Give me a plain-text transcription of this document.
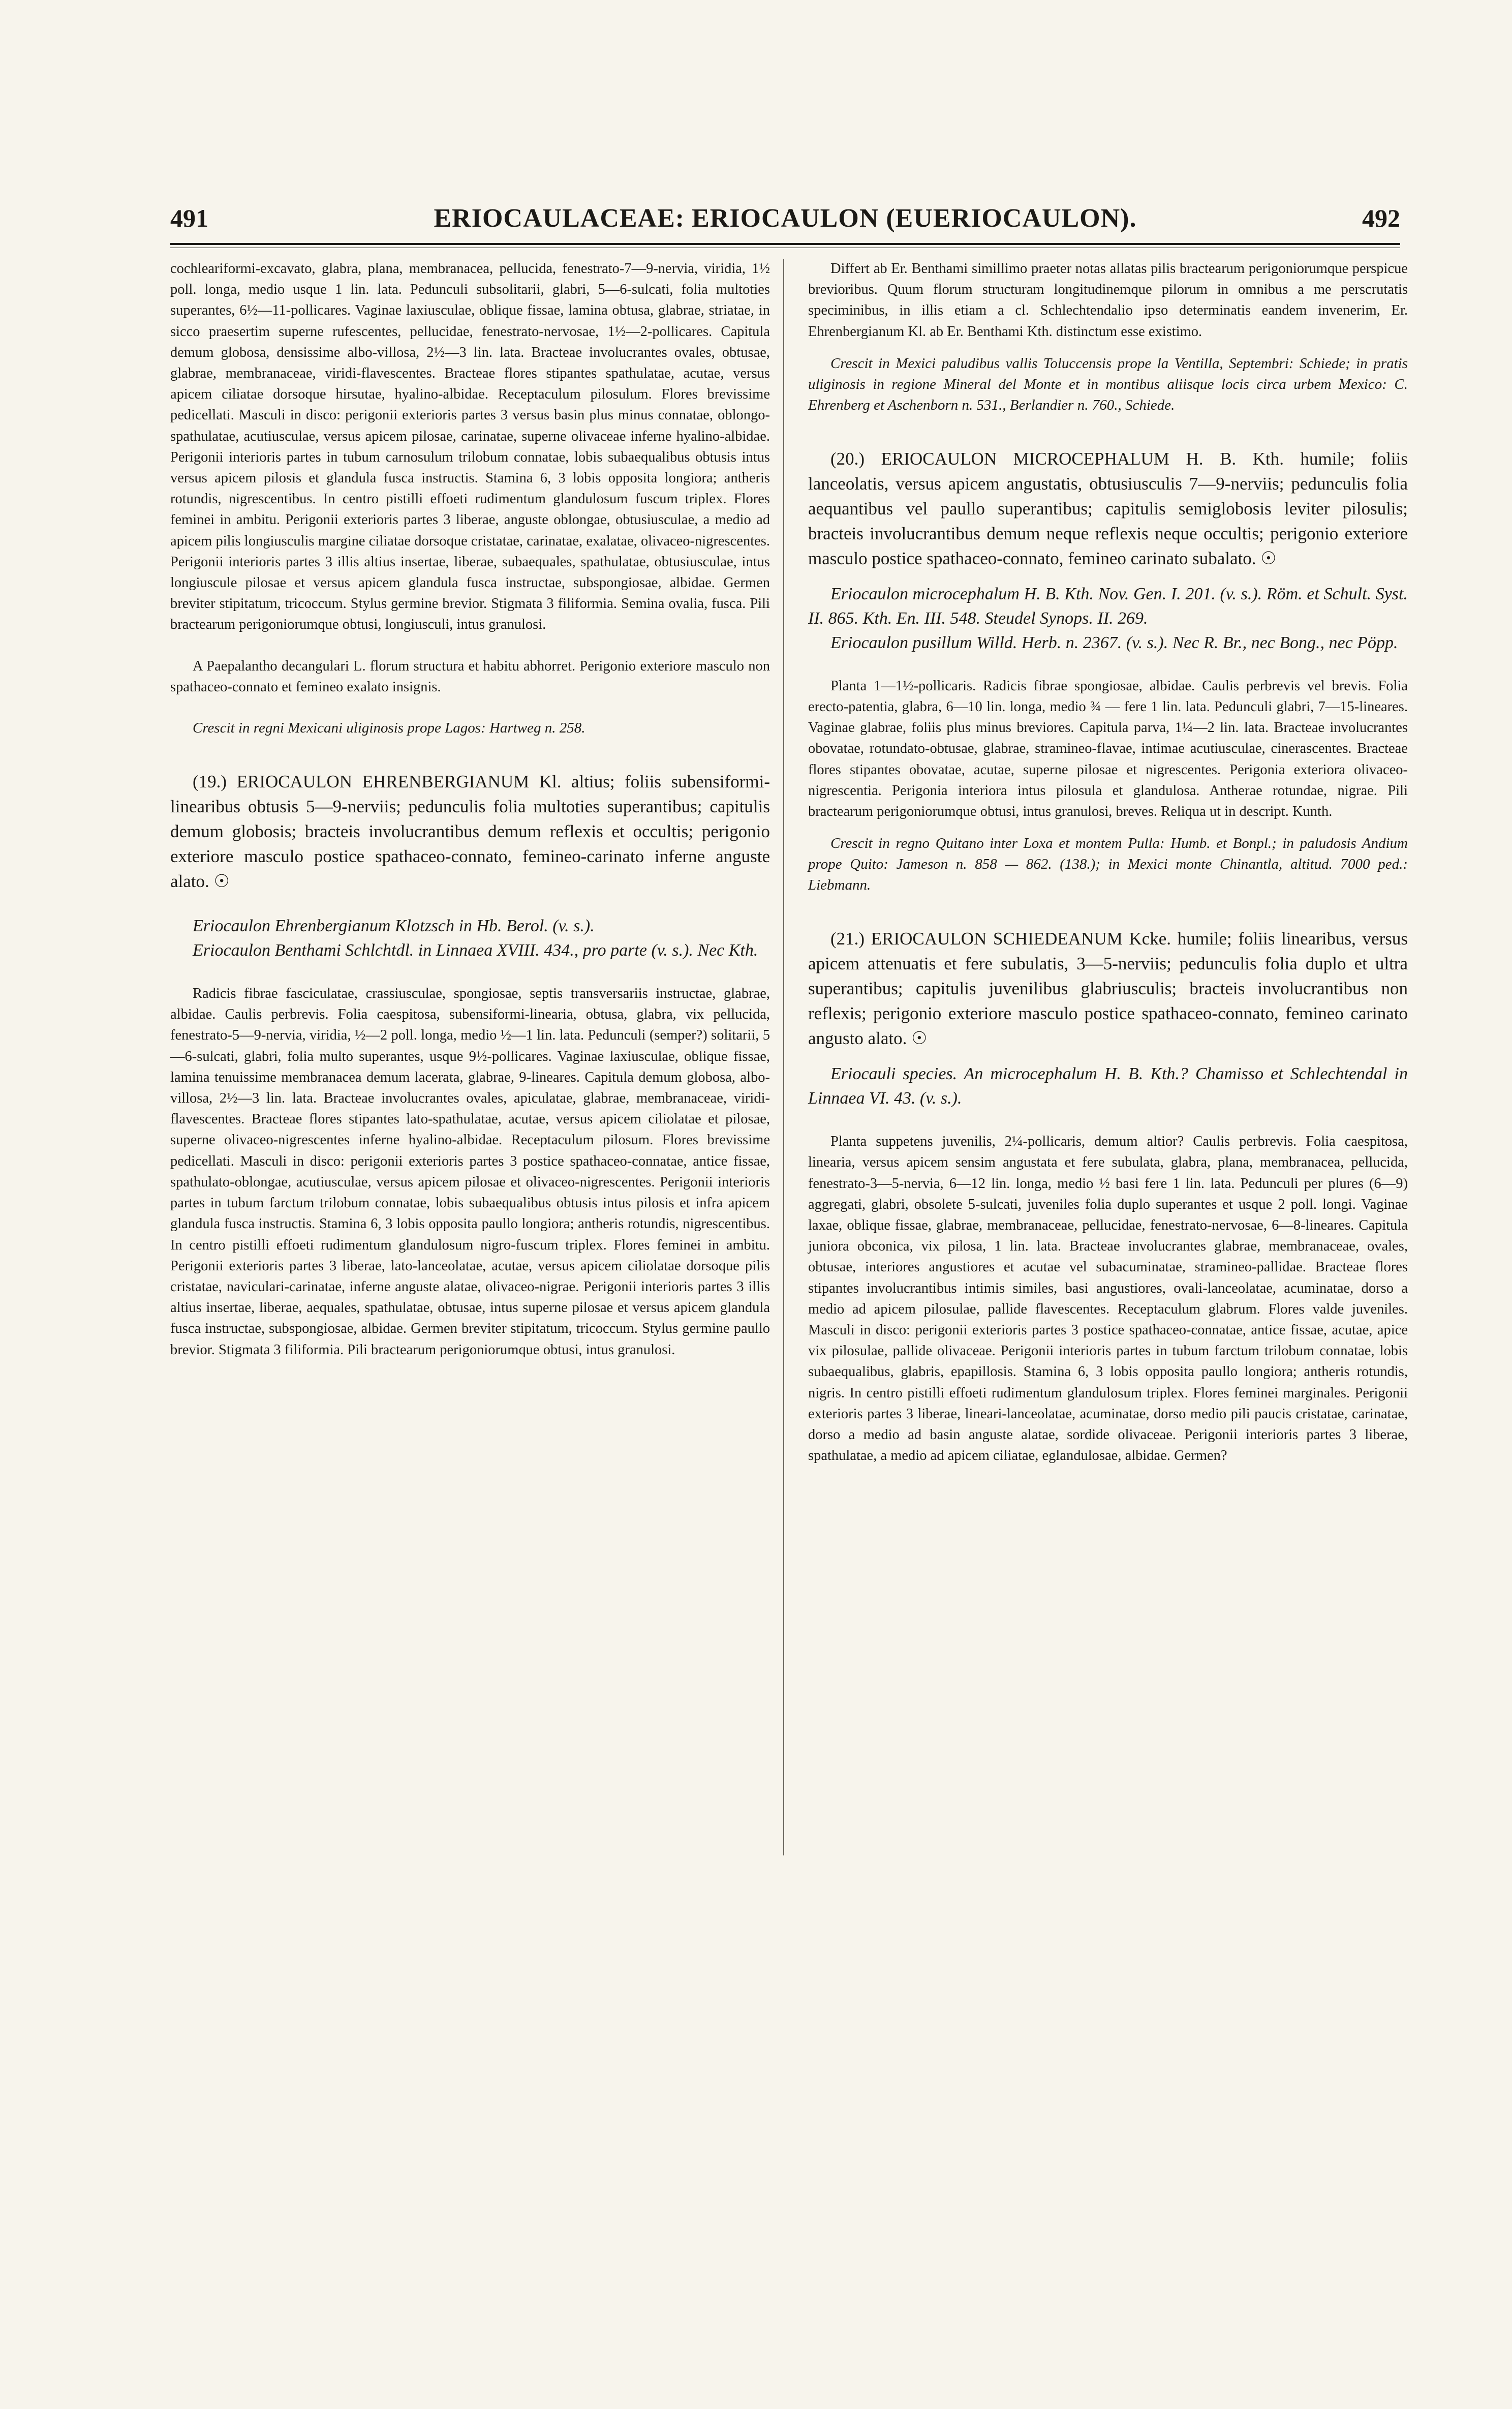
491	ERIOCAULACEAE: ERIOCAULON (EUERIOCAULON).	492

cochleariformi-excavato, glabra, plana, membranacea, pellucida, fenestrato-7—9-nervia, viridia, 1½ poll. longa, medio usque 1 lin. lata. Pedunculi subsolitarii, glabri, 5—6-sulcati, folia multoties superantes, 6½—11-pollicares. Vaginae laxiusculae, oblique fissae, lamina obtusa, glabrae, striatae, in sicco praesertim superne rufescentes, pellucidae, fenestrato-nervosae, 1½—2-pollicares. Capitula demum globosa, densissime albo-villosa, 2½—3 lin. lata. Bracteae involucrantes ovales, obtusae, glabrae, membranaceae, viridi-flavescentes. Bracteae flores stipantes spathulatae, acutae, versus apicem ciliatae dorsoque hirsutae, hyalino-albidae. Receptaculum pilosulum. Flores brevissime pedicellati. Masculi in disco: perigonii exterioris partes 3 versus basin plus minus connatae, oblongo-spathulatae, acutiusculae, versus apicem pilosae, carinatae, superne olivaceae inferne hyalino-albidae. Perigonii interioris partes in tubum carnosulum trilobum connatae, lobis subaequalibus obtusis intus versus apicem pilosis et glandula fusca instructis. Stamina 6, 3 lobis opposita longiora; antheris rotundis, nigrescentibus. In centro pistilli effoeti rudimentum glandulosum fuscum triplex. Flores feminei in ambitu. Perigonii exterioris partes 3 liberae, anguste oblongae, obtusiusculae, a medio ad apicem pilis longiusculis margine ciliatae dorsoque cristatae, carinatae, exalatae, olivaceo-nigrescentes. Perigonii interioris partes 3 illis altius insertae, liberae, subaequales, spathulatae, obtusiusculae, intus longiuscule pilosae et versus apicem glandula fusca instructae, subspongiosae, albidae. Germen breviter stipitatum, tricoccum. Stylus germine brevior. Stigmata 3 filiformia. Semina ovalia, fusca. Pili bractearum perigoniorumque obtusi, longiusculi, intus granulosi.

A Paepalantho decangulari L. florum structura et habitu abhorret. Perigonio exteriore masculo non spathaceo-connato et femineo exalato insignis.

Crescit in regni Mexicani uliginosis prope Lagos: Hartweg n. 258.

(19.) ERIOCAULON EHRENBERGIANUM Kl. altius; foliis subensiformi-linearibus obtusis 5—9-nerviis; pedunculis folia multoties superantibus; capitulis demum globosis; bracteis involucrantibus demum reflexis et occultis; perigonio exteriore masculo postice spathaceo-connato, femineo-carinato inferne anguste alato. ☉

Eriocaulon Ehrenbergianum Klotzsch in Hb. Berol. (v. s.).

Eriocaulon Benthami Schlchtdl. in Linnaea XVIII. 434., pro parte (v. s.). Nec Kth.

Radicis fibrae fasciculatae, crassiusculae, spongiosae, septis transversariis instructae, glabrae, albidae. Caulis perbrevis. Folia caespitosa, subensiformi-linearia, obtusa, glabra, vix pellucida, fenestrato-5—9-nervia, viridia, ½—2 poll. longa, medio ½—1 lin. lata. Pedunculi (semper?) solitarii, 5—6-sulcati, glabri, folia multo superantes, usque 9½-pollicares. Vaginae laxiusculae, oblique fissae, lamina tenuissime membranacea demum lacerata, glabrae, 9-lineares. Capitula demum globosa, albo-villosa, 2½—3 lin. lata. Bracteae involucrantes ovales, apiculatae, glabrae, membranaceae, viridi-flavescentes. Bracteae flores stipantes lato-spathulatae, acutae, versus apicem ciliolatae et pilosae, superne olivaceo-nigrescentes inferne hyalino-albidae. Receptaculum pilosum. Flores brevissime pedicellati. Masculi in disco: perigonii exterioris partes 3 postice spathaceo-connatae, antice fissae, spathulato-oblongae, acutiusculae, versus apicem pilosae et olivaceo-nigrescentes. Perigonii interioris partes in tubum farctum trilobum connatae, lobis subaequalibus obtusis intus pilosis et infra apicem glandula fusca instructis. Stamina 6, 3 lobis opposita paullo longiora; antheris rotundis, nigrescentibus. In centro pistilli effoeti rudimentum glandulosum nigro-fuscum triplex. Flores feminei in ambitu. Perigonii exterioris partes 3 liberae, lato-lanceolatae, acutae, versus apicem ciliolatae dorsoque pilis cristatae, naviculari-carinatae, inferne anguste alatae, olivaceo-nigrae. Perigonii interioris partes 3 illis altius insertae, liberae, aequales, spathulatae, obtusae, intus superne pilosae et versus apicem glandula fusca instructae, subspongiosae, albidae. Germen breviter stipitatum, tricoccum. Stylus germine paullo brevior. Stigmata 3 filiformia. Pili bractearum perigoniorumque obtusi, intus granulosi.

Differt ab Er. Benthami simillimo praeter notas allatas pilis bractearum perigoniorumque perspicue brevioribus. Quum florum structuram longitudinemque pilorum in omnibus a me perscrutatis speciminibus, in illis etiam a cl. Schlechtendalio ipso determinatis eandem invenerim, Er. Ehrenbergianum Kl. ab Er. Benthami Kth. distinctum esse existimo.

Crescit in Mexici paludibus vallis Toluccensis prope la Ventilla, Septembri: Schiede; in pratis uliginosis in regione Mineral del Monte et in montibus aliisque locis circa urbem Mexico: C. Ehrenberg et Aschenborn n. 531., Berlandier n. 760., Schiede.

(20.) ERIOCAULON MICROCEPHALUM H. B. Kth. humile; foliis lanceolatis, versus apicem angustatis, obtusiusculis 7—9-nerviis; pedunculis folia aequantibus vel paullo superantibus; capitulis semiglobosis leviter pilosulis; bracteis involucrantibus demum neque reflexis neque occultis; perigonio exteriore masculo postice spathaceo-connato, femineo carinato subalato. ☉

Eriocaulon microcephalum H. B. Kth. Nov. Gen. I. 201. (v. s.). Röm. et Schult. Syst. II. 865. Kth. En. III. 548. Steudel Synops. II. 269.

Eriocaulon pusillum Willd. Herb. n. 2367. (v. s.). Nec R. Br., nec Bong., nec Pöpp.

Planta 1—1½-pollicaris. Radicis fibrae spongiosae, albidae. Caulis perbrevis vel brevis. Folia erecto-patentia, glabra, 6—10 lin. longa, medio ¾ — fere 1 lin. lata. Pedunculi glabri, 7—15-lineares. Vaginae glabrae, foliis plus minus breviores. Capitula parva, 1¼—2 lin. lata. Bracteae involucrantes obovatae, rotundato-obtusae, glabrae, stramineo-flavae, intimae acutiusculae, cinerascentes. Bracteae flores stipantes obovatae, acutae, superne pilosae et nigrescentes. Perigonia exteriora olivaceo-nigrescentia. Perigonia interiora intus pilosula et glandulosa. Antherae rotundae, nigrae. Pili bractearum perigoniorumque obtusi, intus granulosi, breves. Reliqua ut in descript. Kunth.

Crescit in regno Quitano inter Loxa et montem Pulla: Humb. et Bonpl.; in paludosis Andium prope Quito: Jameson n. 858 — 862. (138.); in Mexici monte Chinantla, altitud. 7000 ped.: Liebmann.

(21.) ERIOCAULON SCHIEDEANUM Kcke. humile; foliis linearibus, versus apicem attenuatis et fere subulatis, 3—5-nerviis; pedunculis folia duplo et ultra superantibus; capitulis juvenilibus glabriusculis; bracteis involucrantibus non reflexis; perigonio exteriore masculo postice spathaceo-connato, femineo carinato angusto alato. ☉

Eriocauli species. An microcephalum H. B. Kth.? Chamisso et Schlechtendal in Linnaea VI. 43. (v. s.).

Planta suppetens juvenilis, 2¼-pollicaris, demum altior? Caulis perbrevis. Folia caespitosa, linearia, versus apicem sensim angustata et fere subulata, glabra, plana, membranacea, pellucida, fenestrato-3—5-nervia, 6—12 lin. longa, medio ½ basi fere 1 lin. lata. Pedunculi per plures (6—9) aggregati, glabri, obsolete 5-sulcati, juveniles folia duplo superantes et usque 2 poll. longi. Vaginae laxae, oblique fissae, glabrae, membranaceae, pellucidae, fenestrato-nervosae, 6—8-lineares. Capitula juniora obconica, vix pilosa, 1 lin. lata. Bracteae involucrantes glabrae, membranaceae, ovales, obtusae, interiores angustiores et acutae vel subacuminatae, stramineo-pallidae. Bracteae flores stipantes involucrantibus intimis similes, basi angustiores, ovali-lanceolatae, acuminatae, dorso a medio ad apicem pilosulae, pallide flavescentes. Receptaculum glabrum. Flores valde juveniles. Masculi in disco: perigonii exterioris partes 3 postice spathaceo-connatae, antice fissae, acutae, apice vix pilosulae, pallide olivaceae. Perigonii interioris partes in tubum farctum trilobum connatae, lobis subaequalibus, glabris, epapillosis. Stamina 6, 3 lobis opposita paullo longiora; antheris rotundis, nigris. In centro pistilli effoeti rudimentum glandulosum triplex. Flores feminei marginales. Perigonii exterioris partes 3 liberae, lineari-lanceolatae, acuminatae, dorso medio pili paucis cristatae, carinatae, dorso a medio ad basin anguste alatae, sordide olivaceae. Perigonii interioris partes 3 liberae, spathulatae, a medio ad apicem ciliatae, eglandulosae, albidae. Germen?
